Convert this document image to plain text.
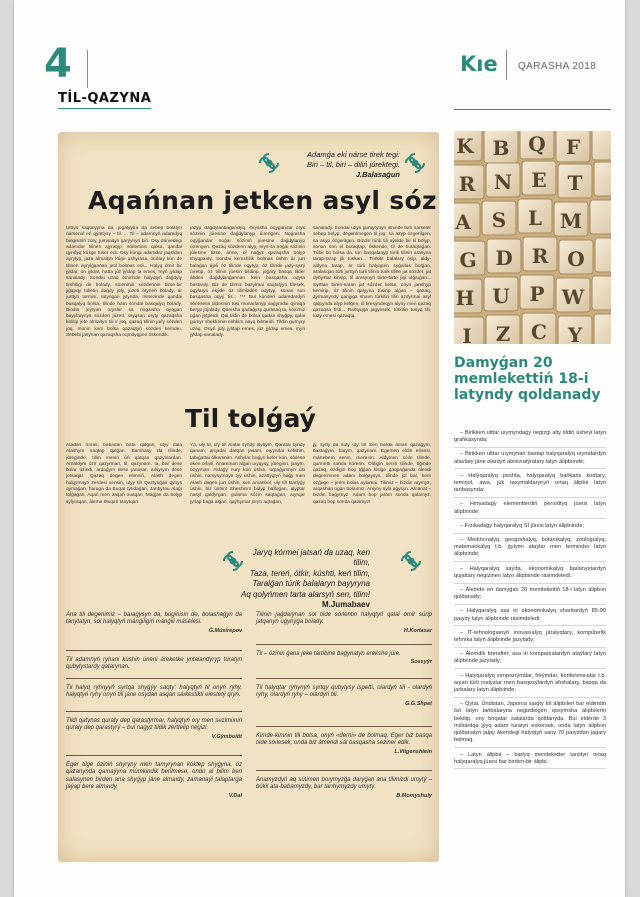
4
TİL-QAZYNA
Kıe QARASHA 2018
Adamǵa eki nárse tirek tegi:
Biri – til, biri – diliń júrektegi.
J.Balasaǵun
Aqańnan jetken asyl sóz
Ulttyń saqtalýyna da, joǵalýyna da sebep bolatyn nárseniń eń qýattysy – til. ... Til – adamnyń adamdyq belgisiniń zory, jumsaityn qarýynyń biri. Osy dúnıedegi adamdar tilinen ajyratyp, sóıleıtinin qalsa, qandai qyndyq kúsge tuser edi. Osy kúngi adamdar jaqsidan ayrylyp, jaza almaityn kúge ushyrasa, ondaıy kún de tilinen ayrylǵannan jetil bolmas edi... Halyq ómir bir jyldar, on jyldar, hatta júz jyldap ta emes, myń jyldap sanalady. Sondai uzaq ómirinde halyqtyń daǵdyly tirshiligi de bolady, súıeniniń sózderinin birse-bir jiǵapqy tolietin daǵdy joly, júzeti óryneń bolady, ár jurttyń turmisi, tutyngan jylynda, minezinde qandai basqalyq bolsa, tilinde hám sondai basqalyq bolady. Biodin jeytyan oryslar sa nogaısha oyqgan bayylarynys sózderi júzeti, oryqsan oryty qazaqsha kelitip jete almaityn tili ir joq, qazaq tilinin jaıly sózderi joq, munin kem bolsa qazaqtyń sózderi kemdeı. Sebebi jasynan qazaqsha oqındyqpen óskendik.
jazyp daǵdylanbaǵandyq. Oryssha oqyǵandar orys sózinin júiesine daǵdylanyp úırengen. Noǵaısha oqyǵandar noǵaı sóziniń júıesine daǵdylanyp úırengen. Qazaq sózderin alyp, orys-sa noǵai sózinin júiesine tizse, árine, ol naǵyz qazaqsha bolyp shyqpaıdy. Sondai kemshilik bolmas úshin ár jurt balaǵan ájeli óz tilinde oqytyp, óz tilinde jazý-syzý úıretip, óz tilinin júesin bildirip, joǵary basqa tilder ábden daǵdylanǵannan kein basqasha oqyta bastaıdy. Biz de tilimiz buzylmai saqtalýyn tilesek, oqýlaryn ekýde óz tilimizden oqytyp, sonan son basqasha oqyý tis... *** Bul kúnderi adamdardyń sóılesetin tilderinin túsi munarlanyp saǵymdai qýraqa beryp jojalady. Qanısha qadaǵysy qurasaq ta, kózimiz oǵan jetpeıdi. Qai tildin de bolsa qadan shyǵpy, qalai gumyr shekkenin eshkim anyq bilmeıdi. Tildin gumyry uzaq. Onyń joly jyldap emes, júz jyldap emes, myń jyldap sanalady.
sanalady. Sondai uzyn gumyrynyn ishinde túrli narseler sebep bolyp, degenlmegen til jog: sa azyp ózgerilgen, sa asyp ózgerilgen. Bizdin túrik tili aýelde bir til bolyp, sonan son el butaqtap, óskende, til de butaqtaǵan. Túbir bir bolsa da, túri basqalanyp túrik tilinin arasyna tarap-tarap jik tuskan... Túrkitit balalary ósip, aldy-aldyna tarap, ár túrli halyqpen syǵailas bolǵan, aralasqan túrli jurttyń túrli tilinin túrik tiline jat sózder, jat dybystar kirisip, til arasynyń birte-birte jigi ulǵaıǵan... Syrttan biren-saran jat sózder kelse, onyn janshyp kemirip, óz tilinin qalyyna túsirip alǵan – qazaq. Jyrmasyndy qanjyga shaım túrkitin tilin azdyrmai asyl qalpynda alyp kelgen, til tiresyndeqyn alyny men qazaq qazaqsa tisti... Rastyqqa jagynsek, túrkitin tunyq tili, túzy emesi qazaqta.
Til tolǵaý
Atadan mıras, babadan bata qalǵan, ulyy dala Alashym saqtap qalǵan. Barshasy da tilinde, júreginde, tilim meniń úń qatqan qazynlardan. Arnaldym ózir qazyrman, til, qazynam. Ia, bar dese bolar úzindi, ardaǵym dese janasar, aılsyrym dese jetsaqar. Qazaq degen elimniń, Alash degen halqymnyń zerdesi sensiń, ulyy til! Qaztynǵan qynys qymaǵan, haruga da Buqar tyndaǵan, Janbyrau Alaǵı tolǵaǵan, Aqań men Jaqań oıatqan, Maǵjan da bolyp sýlyraqan, áleme Muqań tanytqan.
Ýa, uly til, uly til! Alatai syndy alybym, Qaratai syndy qanam, arqadai darqan jasam, oıyyndai kelistim, tabıǵattai ólkemnim. Ashylar baǵyn keler kún, sóılese eken orlasi. Anamman algan uıyqysy, júreginn, janym, ozyyman. Aldaǵy nury kún úshin, urpaǵymnyn úsi úshin, namysymnyn tyy úshin, azattyqtyń baǵy men Alash degen jurt úshin, sen amanbol, uly til! Barlyǵy úshin, biz úshin! Sheshinm bolyp haltqǵan, alyptar nasyl qaldyrgan, gulama sózin saqtaǵan, aıyrqar jyrlap baǵa alǵan, qaýhymar joryn aqtaǵan,
jy, syrly da sulý uly til! Sen barda aman qazaǵym, bastaǵym, barym, qazynam. Egemen eldin eńsesi, mártebem senin, mereıim. Aldymen sóıle tilinde, qurmetti sonda kórerin. Óldigin seniń tilinde, tiǵinde qazaq, ózdigin bop tǵǵan kisige qaqpaǵanda ólendi degenimnen adam bolǵaysyn, tilinde jol bar, kem ozǵege – jerim bolas aylamaı. Tilimiz – bizdin arymyz, arqashan ogan bolaımız. Aniyny syla aǵysyn. Amanat – bizdin baǵymyz. Adam bop jaram sonda qalamyz, qazaq bop sonda qalamyz!
Jaryq kórmei jatsań da uzaq, ken tilim,
Taza, tereń, ótkir, kúshti, keń tilim,
Taralǵan túrik balalaryn bayyryna
Aq qolyńmen tarta alarsyń sen, tilim!
M.Jumabaev
Ana tili degenimiz – baıaǵysyn da, búginisin de, bolashaǵyn da tanytatyn, sol halyqtyń mánǵiligiń mánǵili máselesi.
Ǵ.Músirepov
Til adamnyń ryhani kúshin úneni áreketke yntalandyryp turatyn qubylystardy qatarynan.
Til halyq ryhnyyń syrtqa shyǵýy saqty: halyqtyń til onyń ryhy, halyqtyń ryhy onyń tili jáne osydan asqan sáıkestikti elestetý qıyn.
Tildi qatynas quraly dep qarastyrmaı, halyqtyń oıy men sezimiıniń quraly dep qarastyrý – bul naǵyz tildik zerttelip negizi.
V.Gýmboldt
Eger tilge óziniń shyryny men tamyrynan kóktep shyǵyna, óz qazanynda qaınaýyna múmkindik berilmese, ondo al bilim beri salasynen birden ana shyǵyp jáne almaıdy, zamanaýi talaptarǵa jaýap bere almaıdy.
V.Dal
Tilinin jaǵdaıynan sol tilde sóılentin halyqtyń qalai ómir súrip jatqanyn uǵynýǵa bolady.
H.Kortasar
Til – ózinin ǵana jeke tártibine baǵynatyn erekshe júıe.
Sossyýr
Til halyqtar ryhynyń syrtqy qubylysy ispetti, olardyń tili - olardyń ryhy, olardyń ryhy – olardyń tili.
G.G.Shpet
Kimde-kimnin tili bolsa, onyń «derni» de bolmaq. Eger biz basqa tilde sóılesek, onda biz ámendi sál basqasha seziner edik.
L.Vitgenshtein
Anamyzdyń aq sútimen boıymyzǵa daryǵan ana tilimizdi umytý – búkil ata-babamyzdy, bar tarıhymyzdy umytý.
B.Momyshuly
K B Q F
R N E T
A S L M
G D R O
H U P W
I Z C Y
Damyǵan 20 memlekettiń 18-i latyndy qoldanady

– Birikken ulttar uıymyndaǵy negizgi alty tildiń úsheýi latyn grafıkasynda;

– Birikken ulttar uıymynan bastap halyqaralyq uıymdardyń atavlary jáne olardyń abrevıatýralary latyn álipbıinde;

– Halyqaralyq poshta, halyqaralyq bańkaris kodtary, temirjol, awa, júk tasymaldarynyń ortaq álipbıi latyn tańbasynda;

– Himıadaǵy elementterdiń perıodtyq júıesi latyn álipbıinde;

– Fızıkadaǵy halyqaralyq SI júıesi latyn álipbıinde;

– Medıtsınalyq, geografıalyq, botanıkalyq, zoologıalyq, matematıkalyq t.b. ǵylymı ataýlar men terminder latyn álipbıinde;

– Halyqaralyq saýda, ekonomıkalyq baılanystardyń qujattary negizinen latyn álipbıinde rásimdeledi.

– Álemde eń damyǵan 20 memlekettiń 18-i latyn álipbıin qoldanady;

– Halyqaralyq asa iri ekonomıkalyq sharttardyń 85-90 paıyzy latyn álipbıinde rásimdeledi;

– IT-tehnologıanyń ınovasıalyq járalyqtary, kompúterlik tehnıka latyn álipbıinde jazylady;

– Álemdik brendter, asa iri kompanıalardyń ataýlary latyn álipbıinde jazylady;

– Halyqaralyq sımpozıýmdar, forýmdar, konferensıalar t.b. aıyan túrli ınalystar men basqosýlardyń afıshalary, basqa da jarbalary latyn álipbıinde;

– Qytai, Úndistan, Japonıa saıqty tól álipbıleri bar elderdiń ózi latyn tańbalaryna negizdelgen qosymsha álipbılerin bekitip, ony birqatar salalarda qoldanýda. Bul elderde 3 mıllıardqa jýyq adam turatyn eskersek, onda latyn álipbıin qoldanatyn jalpy álemdegi halyqtyń sany 70 paıyzdan jaǵary bolmaq.

– Latyn álipbıi – barlyq memleketter tanstyn ortaq halyqaralyq júıesi bar birden-bir álipbi.
